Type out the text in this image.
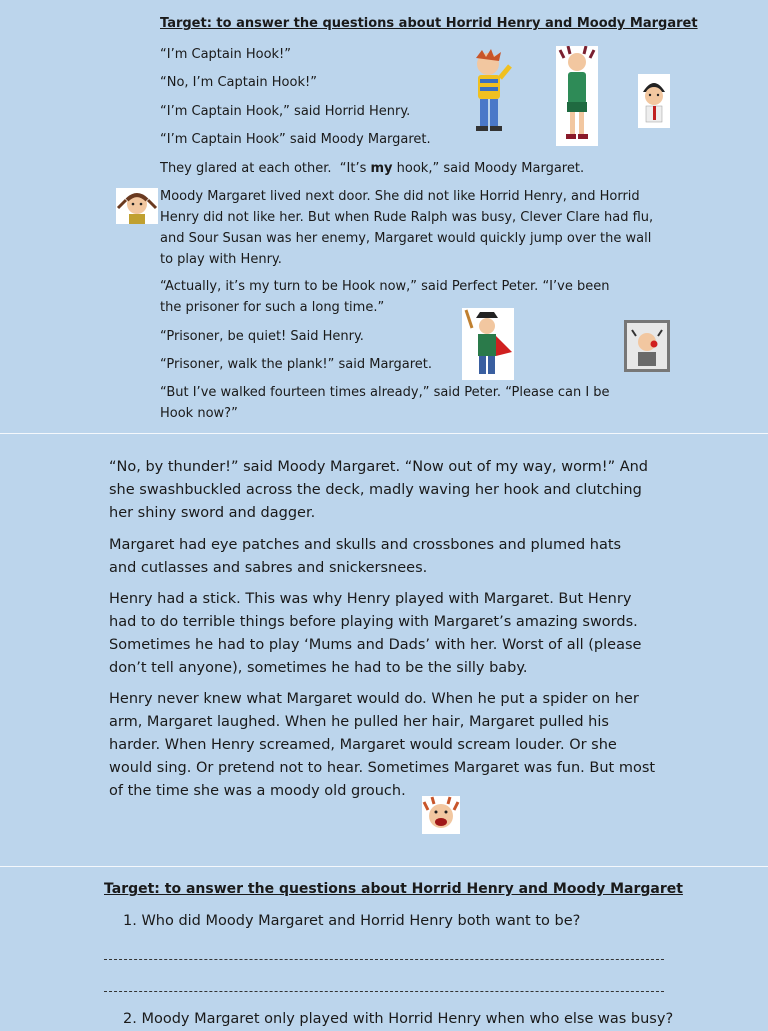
Target: to answer the questions about Horrid Henry and Moody Margaret

“I’m Captain Hook!”

“No, I’m Captain Hook!”

“I’m Captain Hook,” said Horrid Henry.

“I’m Captain Hook” said Moody Margaret.

They glared at each other.  “It’s my hook,” said Moody Margaret.

Moody Margaret lived next door. She did not like Horrid Henry, and Horrid Henry did not like her. But when Rude Ralph was busy, Clever Clare had flu, and Sour Susan was her enemy, Margaret would quickly jump over the wall to play with Henry.

“Actually, it’s my turn to be Hook now,” said Perfect Peter. “I’ve been the prisoner for such a long time.”

“Prisoner, be quiet! Said Henry.

“Prisoner, walk the plank!” said Margaret.

“But I’ve walked fourteen times already,” said Peter. “Please can I be Hook now?”

“No, by thunder!” said Moody Margaret. “Now out of my way, worm!” And she swashbuckled across the deck, madly waving her hook and clutching her shiny sword and dagger.

Margaret had eye patches and skulls and crossbones and plumed hats and cutlasses and sabres and snickersnees.

Henry had a stick. This was why Henry played with Margaret. But Henry had to do terrible things before playing with Margaret’s amazing swords. Sometimes he had to play ‘Mums and Dads’ with her. Worst of all (please don’t tell anyone), sometimes he had to be the silly baby.

Henry never knew what Margaret would do. When he put a spider on her arm, Margaret laughed. When he pulled her hair, Margaret pulled his harder. When Henry screamed, Margaret would scream louder. Or she would sing. Or pretend not to hear. Sometimes Margaret was fun. But most of the time she was a moody old grouch.

Target: to answer the questions about Horrid Henry and Moody Margaret

1. Who did Moody Margaret and Horrid Henry both want to be?

2. Moody Margaret only played with Horrid Henry when who else was busy?
